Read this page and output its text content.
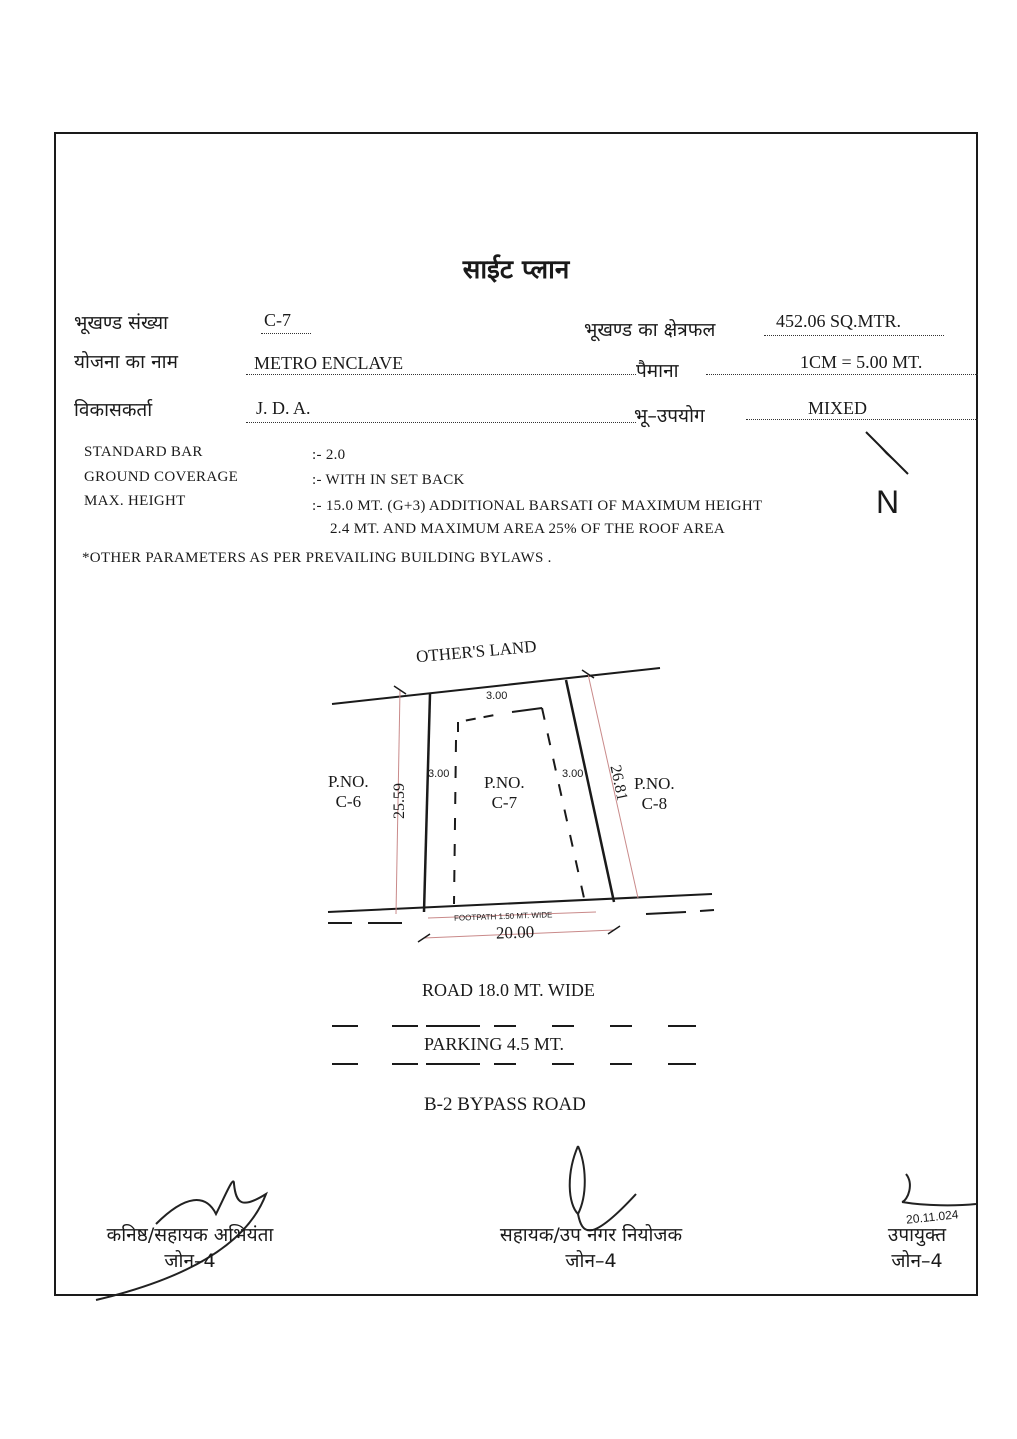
साईट प्लान
भूखण्ड संख्या	C-7	भूखण्ड का क्षेत्रफल	452.06 SQ.MTR.
योजना का नाम	METRO ENCLAVE	पैमाना	1CM = 5.00 MT.
विकासकर्ता	J. D. A.	भू–उपयोग	MIXED
STANDARD BAR	:- 2.0
GROUND COVERAGE	:- WITH IN SET BACK
MAX. HEIGHT	:- 15.0 MT. (G+3) ADDITIONAL BARSATI OF MAXIMUM HEIGHT
2.4 MT. AND MAXIMUM AREA 25% OF THE ROOF AREA
*OTHER PARAMETERS AS PER PREVAILING BUILDING BYLAWS .
N
OTHER'S LAND
3.00
3.00	3.00
25.59	26.81
20.00
FOOTPATH 1.50 MT. WIDE
P.NO.
C-6
P.NO.
C-7
P.NO.
C-8
ROAD 18.0 MT. WIDE
PARKING 4.5 MT.
B-2 BYPASS ROAD
20.11.024
कनिष्ठ/सहायक अभियंता
जोन–4
सहायक/उप नगर नियोजक
जोन–4
उपायुक्त
जोन–4
